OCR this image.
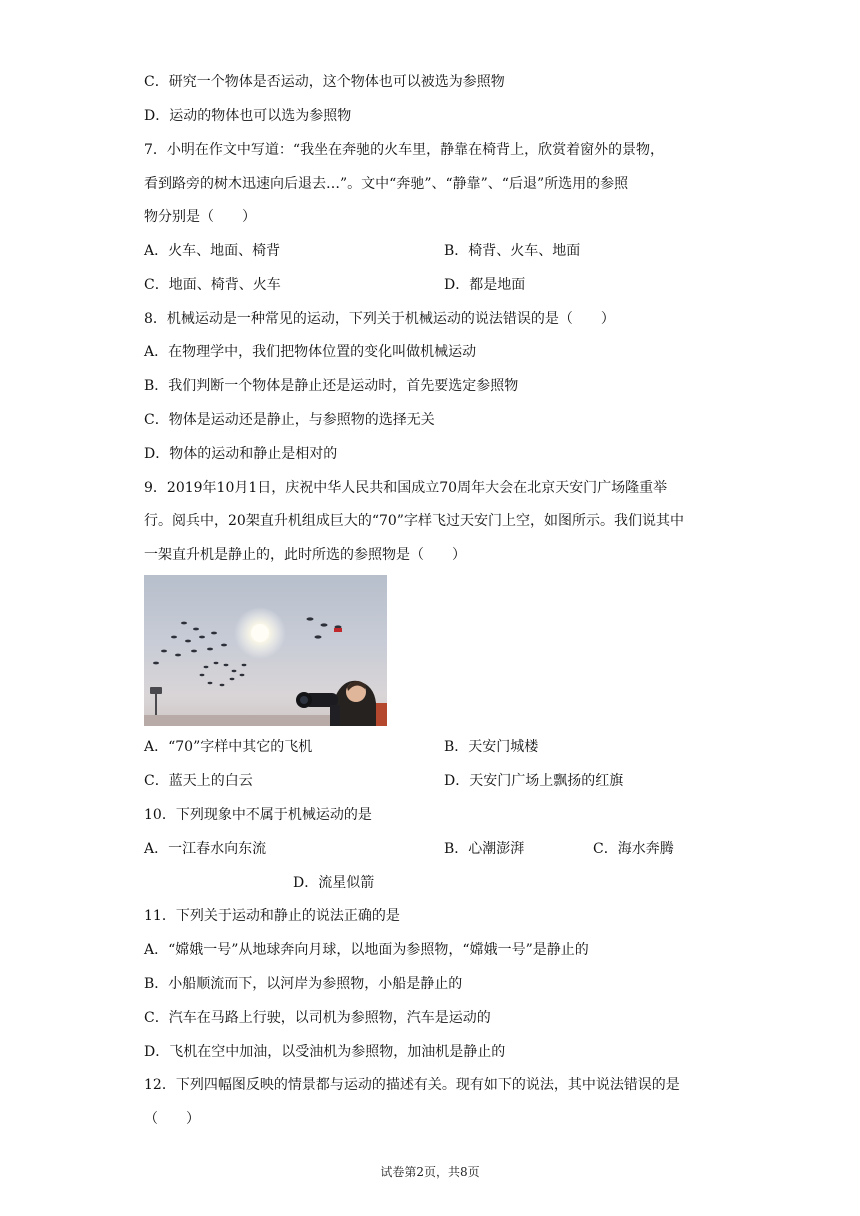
C．研究一个物体是否运动，这个物体也可以被选为参照物
D．运动的物体也可以选为参照物
7．小明在作文中写道：“我坐在奔驰的火车里，静靠在椅背上，欣赏着窗外的景物，
看到路旁的树木迅速向后退去…”。文中“奔驰”、“静靠”、“后退”所选用的参照
物分别是（　　）
A．火车、地面、椅背	B．椅背、火车、地面
C．地面、椅背、火车	D．都是地面
8．机械运动是一种常见的运动，下列关于机械运动的说法错误的是（　　）
A．在物理学中，我们把物体位置的变化叫做机械运动
B．我们判断一个物体是静止还是运动时，首先要选定参照物
C．物体是运动还是静止，与参照物的选择无关
D．物体的运动和静止是相对的
9．2019年10月1日，庆祝中华人民共和国成立70周年大会在北京天安门广场隆重举
行。阅兵中，20架直升机组成巨大的“70”字样飞过天安门上空，如图所示。我们说其中
一架直升机是静止的，此时所选的参照物是（　　）
A．“70”字样中其它的飞机	B．天安门城楼
C．蓝天上的白云	D．天安门广场上飘扬的红旗
10．下列现象中不属于机械运动的是
A．一江春水向东流	B．心潮澎湃	C．海水奔腾
D．流星似箭
11．下列关于运动和静止的说法正确的是
A．“嫦娥一号”从地球奔向月球，以地面为参照物，“嫦娥一号”是静止的
B．小船顺流而下，以河岸为参照物，小船是静止的
C．汽车在马路上行驶，以司机为参照物，汽车是运动的
D．飞机在空中加油，以受油机为参照物，加油机是静止的
12．下列四幅图反映的情景都与运动的描述有关。现有如下的说法，其中说法错误的是
（　　）
试卷第2页，共8页
